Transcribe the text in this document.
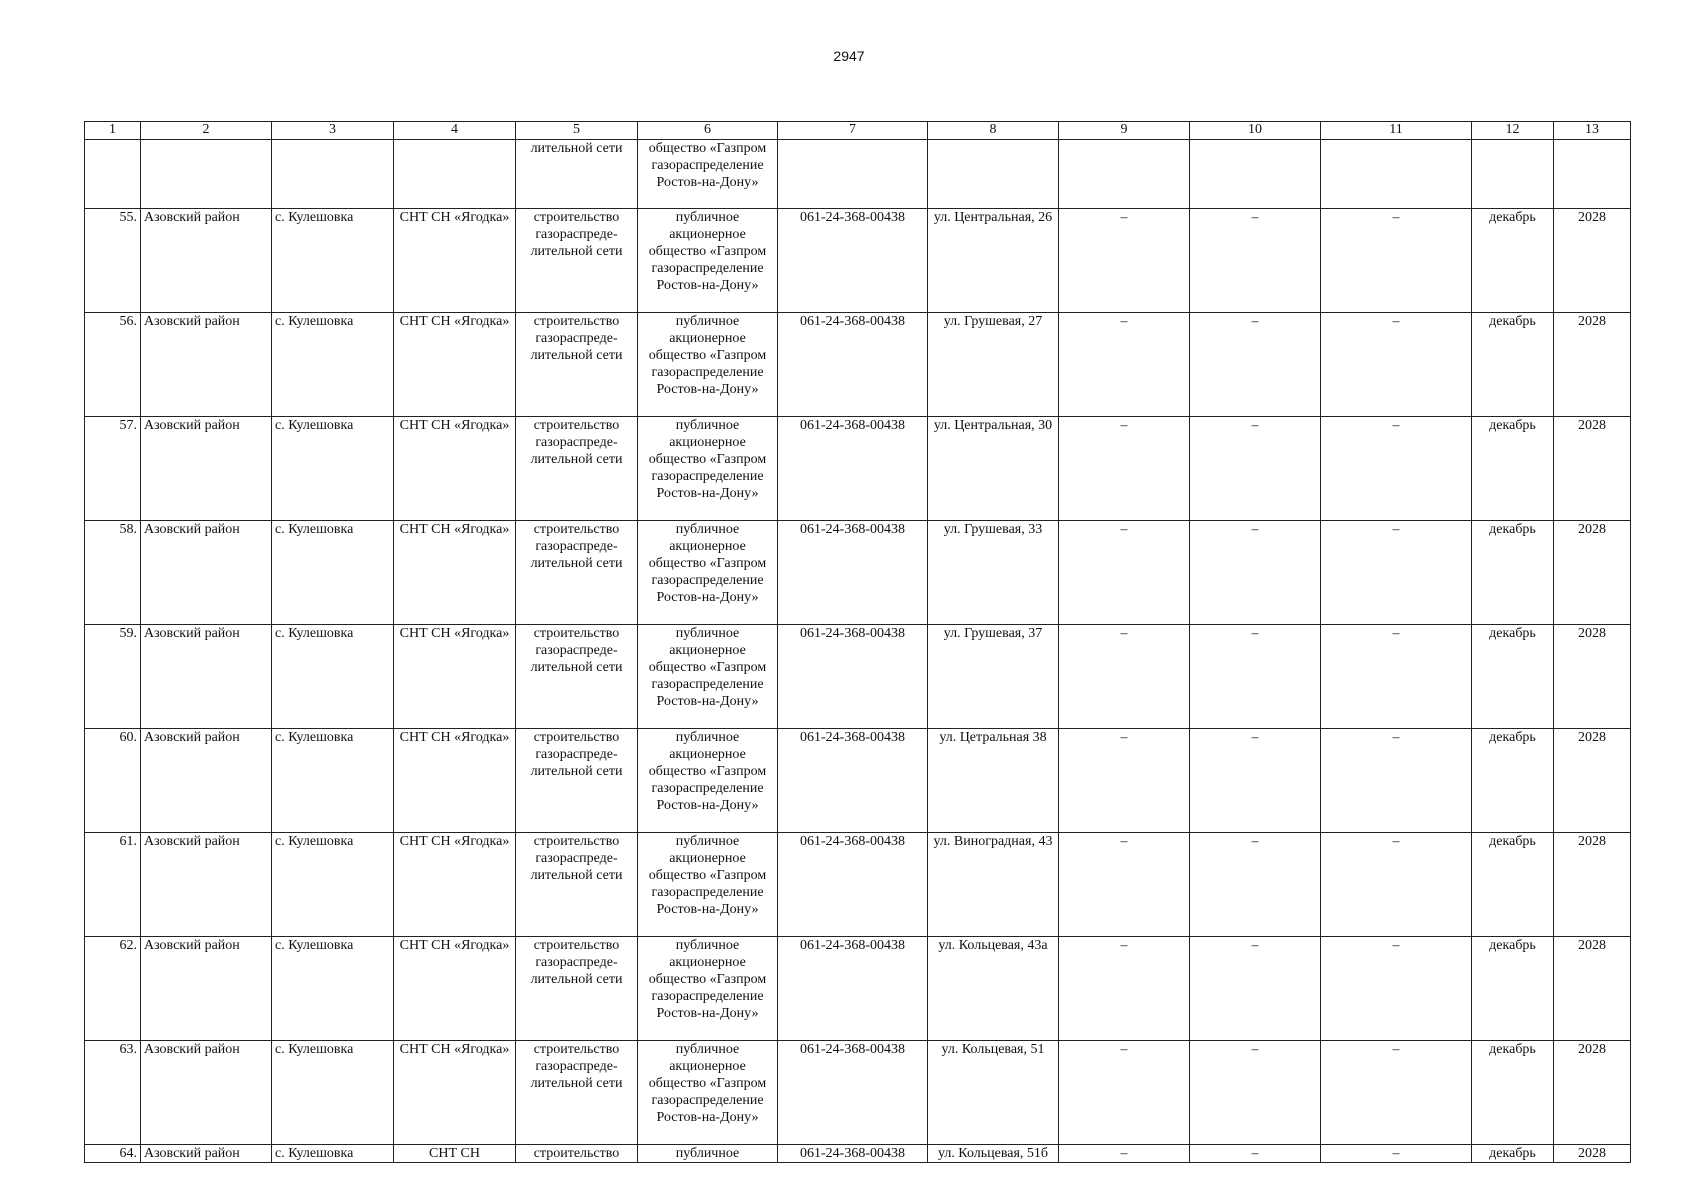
2947
1	2	3	4	5	6	7	8	9	10	11	12	13
				лительной сети	общество «Газпром газораспределение Ростов-на-Дону»							
55.	Азовский район	с. Кулешовка	СНТ СН «Ягодка»	строительство газораспреде-лительной сети	публичное акционерное общество «Газпром газораспределение Ростов-на-Дону»	061-24-368-00438	ул. Центральная, 26	–	–	–	декабрь	2028
56.	Азовский район	с. Кулешовка	СНТ СН «Ягодка»	строительство газораспреде-лительной сети	публичное акционерное общество «Газпром газораспределение Ростов-на-Дону»	061-24-368-00438	ул. Грушевая, 27	–	–	–	декабрь	2028
57.	Азовский район	с. Кулешовка	СНТ СН «Ягодка»	строительство газораспреде-лительной сети	публичное акционерное общество «Газпром газораспределение Ростов-на-Дону»	061-24-368-00438	ул. Центральная, 30	–	–	–	декабрь	2028
58.	Азовский район	с. Кулешовка	СНТ СН «Ягодка»	строительство газораспреде-лительной сети	публичное акционерное общество «Газпром газораспределение Ростов-на-Дону»	061-24-368-00438	ул. Грушевая, 33	–	–	–	декабрь	2028
59.	Азовский район	с. Кулешовка	СНТ СН «Ягодка»	строительство газораспреде-лительной сети	публичное акционерное общество «Газпром газораспределение Ростов-на-Дону»	061-24-368-00438	ул. Грушевая, 37	–	–	–	декабрь	2028
60.	Азовский район	с. Кулешовка	СНТ СН «Ягодка»	строительство газораспреде-лительной сети	публичное акционерное общество «Газпром газораспределение Ростов-на-Дону»	061-24-368-00438	ул. Цетральная 38	–	–	–	декабрь	2028
61.	Азовский район	с. Кулешовка	СНТ СН «Ягодка»	строительство газораспреде-лительной сети	публичное акционерное общество «Газпром газораспределение Ростов-на-Дону»	061-24-368-00438	ул. Виноградная, 43	–	–	–	декабрь	2028
62.	Азовский район	с. Кулешовка	СНТ СН «Ягодка»	строительство газораспреде-лительной сети	публичное акционерное общество «Газпром газораспределение Ростов-на-Дону»	061-24-368-00438	ул. Кольцевая, 43а	–	–	–	декабрь	2028
63.	Азовский район	с. Кулешовка	СНТ СН «Ягодка»	строительство газораспреде-лительной сети	публичное акционерное общество «Газпром газораспределение Ростов-на-Дону»	061-24-368-00438	ул. Кольцевая, 51	–	–	–	декабрь	2028
64.	Азовский район	с. Кулешовка	СНТ СН	строительство	публичное	061-24-368-00438	ул. Кольцевая, 51б	–	–	–	декабрь	2028
